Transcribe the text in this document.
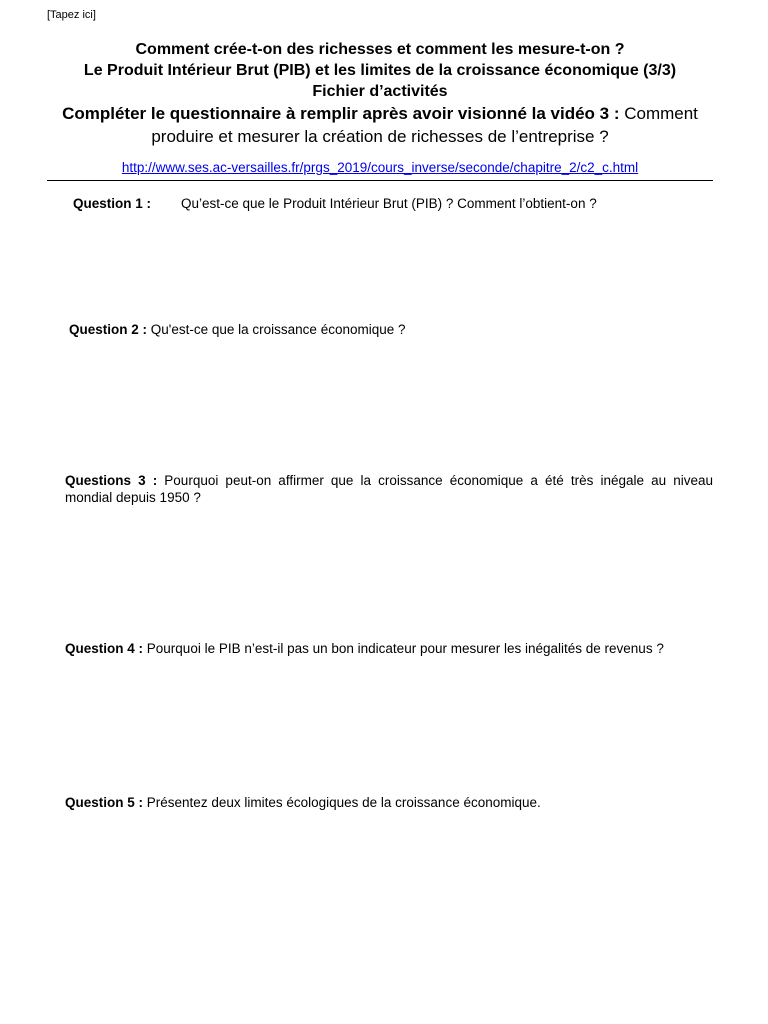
[Tapez ici]
Comment crée-t-on des richesses et comment les mesure-t-on ?
Le Produit Intérieur Brut (PIB) et les limites de la croissance économique (3/3)
Fichier d’activités
Compléter le questionnaire à remplir après avoir visionné la vidéo 3 : Comment produire et mesurer la création de richesses de l’entreprise ?
http://www.ses.ac-versailles.fr/prgs_2019/cours_inverse/seconde/chapitre_2/c2_c.html
Question 1 : Qu’est-ce que le Produit Intérieur Brut (PIB) ? Comment l’obtient-on ?
Question 2 : Qu'est-ce que la croissance économique ?
Questions 3 : Pourquoi peut-on affirmer que la croissance économique a été très inégale au niveau mondial depuis 1950 ?
Question 4 : Pourquoi le PIB n’est-il pas un bon indicateur pour mesurer les inégalités de revenus ?
Question 5 : Présentez deux limites écologiques de la croissance économique.
